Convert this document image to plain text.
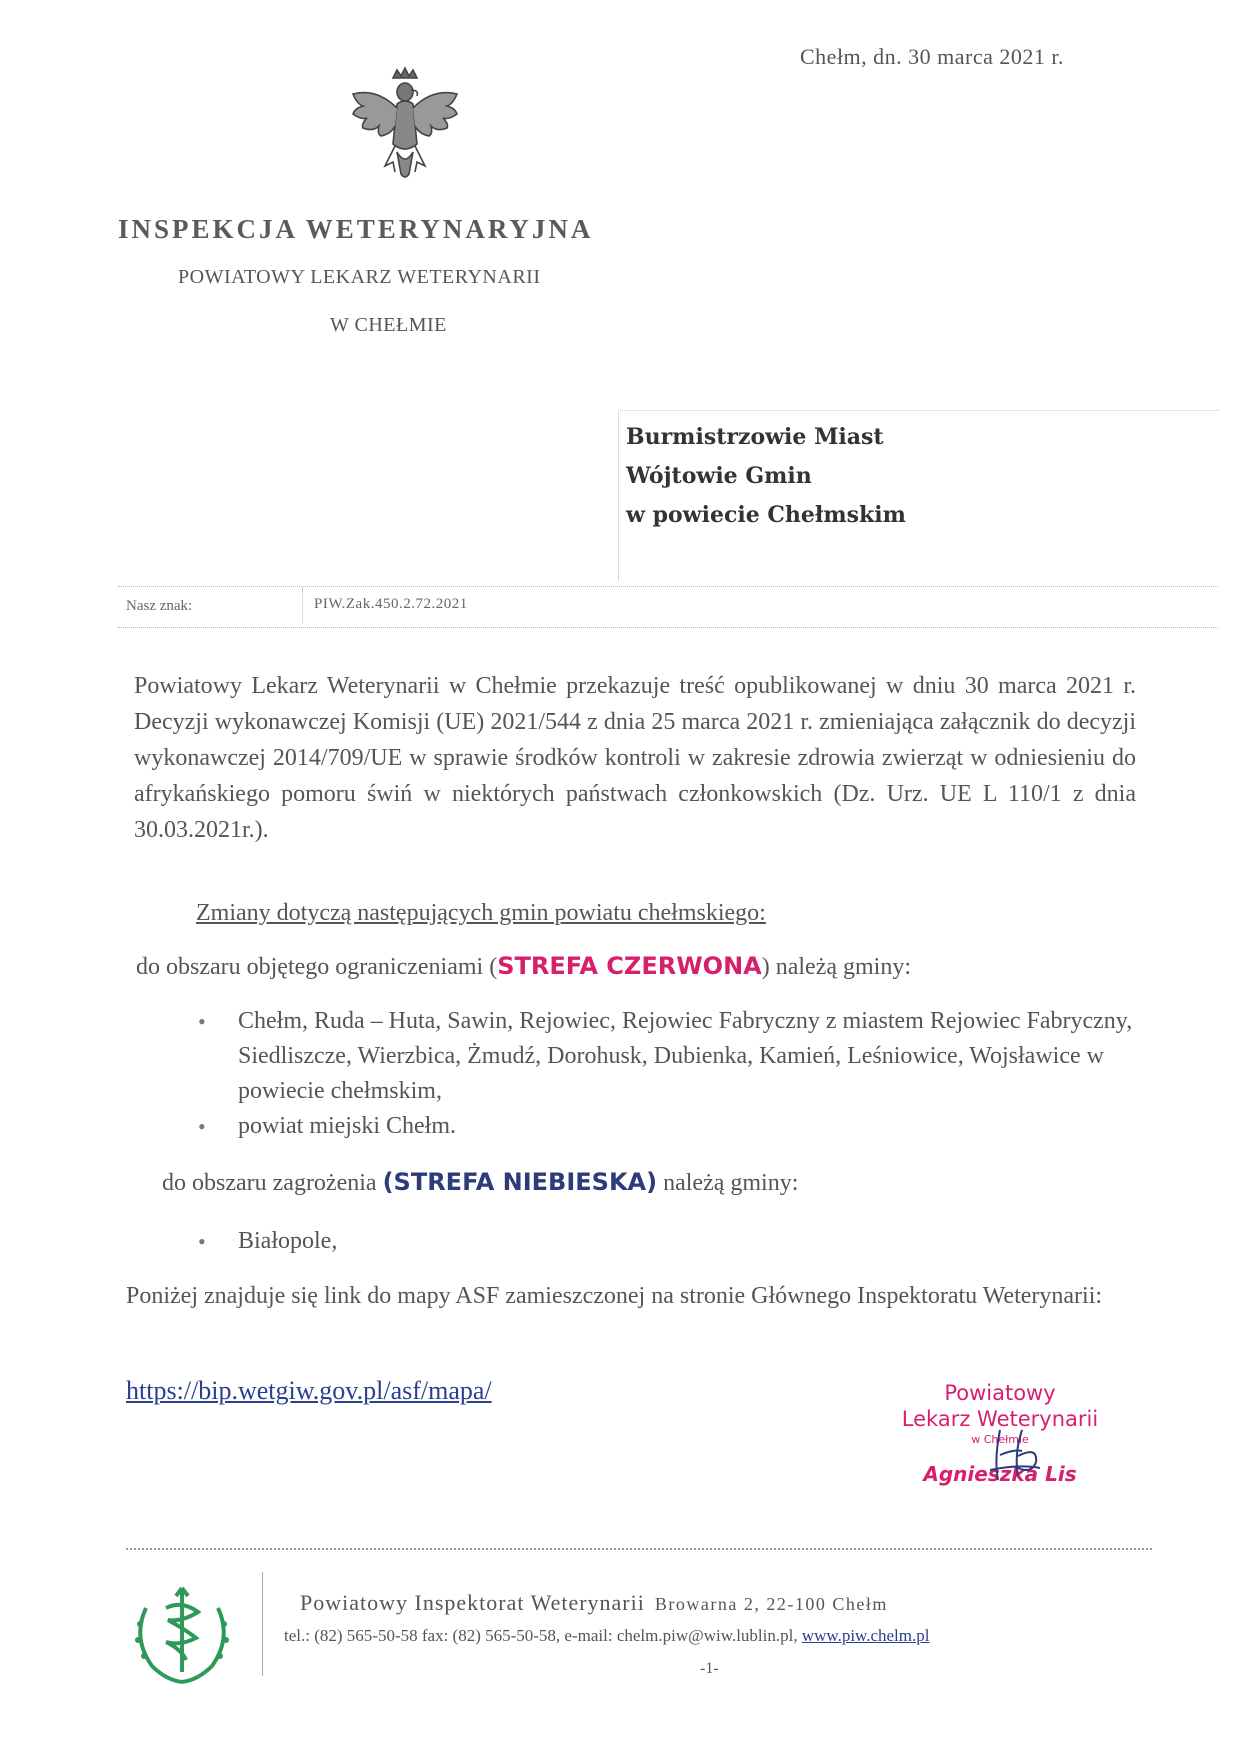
Chełm, dn. 30 marca 2021 r.
INSPEKCJA WETERYNARYJNA
POWIATOWY LEKARZ WETERYNARII
W CHEŁMIE
Burmistrzowie Miast
Wójtowie Gmin
w powiecie Chełmskim
Nasz znak:	PIW.Zak.450.2.72.2021
Powiatowy Lekarz Weterynarii w Chełmie przekazuje treść opublikowanej w dniu 30 marca 2021 r. Decyzji wykonawczej Komisji (UE) 2021/544 z dnia 25 marca 2021 r. zmieniająca załącznik do decyzji wykonawczej 2014/709/UE w sprawie środków kontroli w zakresie zdrowia zwierząt w odniesieniu do afrykańskiego pomoru świń w niektórych państwach członkowskich (Dz. Urz. UE L 110/1 z dnia 30.03.2021r.).
Zmiany dotyczą następujących gmin powiatu chełmskiego:
do obszaru objętego ograniczeniami (STREFA CZERWONA) należą gminy:
• Chełm, Ruda – Huta, Sawin, Rejowiec, Rejowiec Fabryczny z miastem Rejowiec Fabryczny, Siedliszcze, Wierzbica, Żmudź, Dorohusk, Dubienka, Kamień, Leśniowice, Wojsławice w powiecie chełmskim,
• powiat miejski Chełm.
do obszaru zagrożenia (STREFA NIEBIESKA) należą gminy:
• Białopole,
Poniżej znajduje się link do mapy ASF zamieszczonej na stronie Głównego Inspektoratu Weterynarii:
https://bip.wetgiw.gov.pl/asf/mapa/	Powiatowy
Lekarz Weterynarii
w Chełmie
Agnieszka Lis
Powiatowy Inspektorat Weterynarii Browarna 2, 22-100 Chełm
tel.: (82) 565-50-58 fax: (82) 565-50-58, e-mail: chelm.piw@wiw.lublin.pl, www.piw.chelm.pl
-1-
